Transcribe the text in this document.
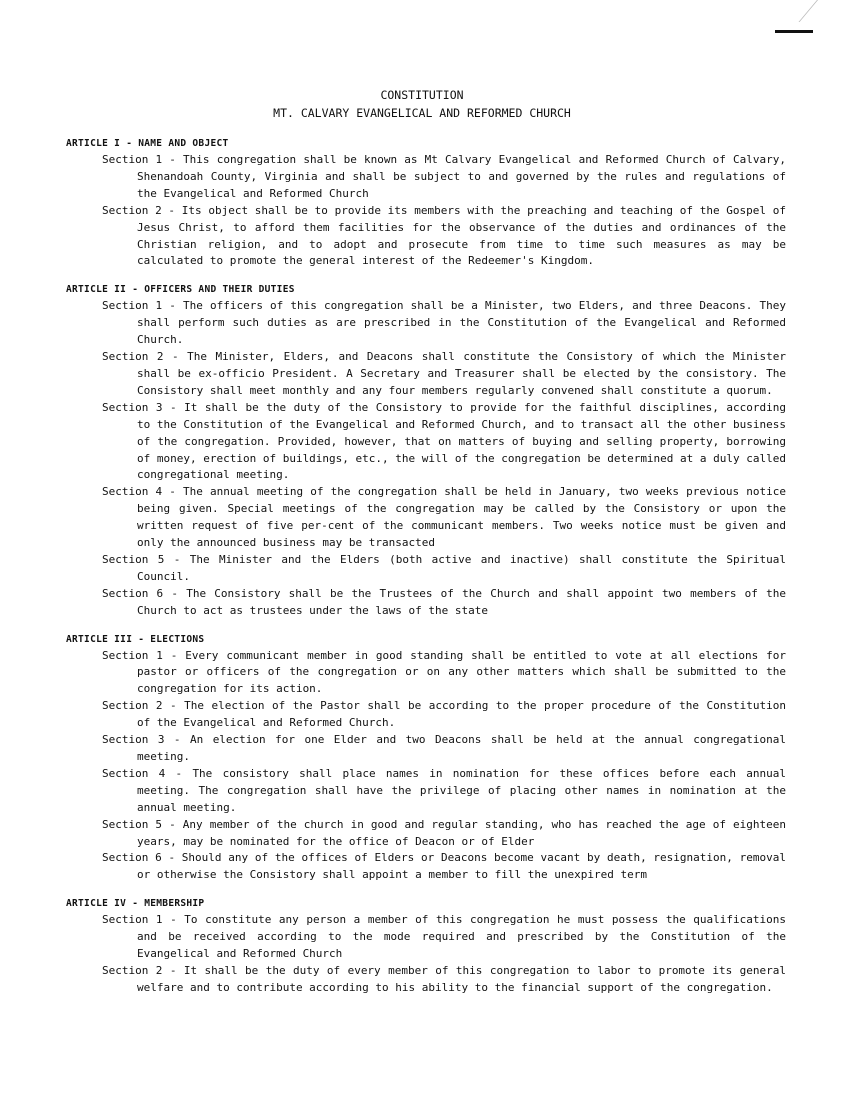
CONSTITUTION
MT. CALVARY EVANGELICAL AND REFORMED CHURCH
ARTICLE I - NAME AND OBJECT
Section 1 - This congregation shall be known as Mt Calvary Evangelical and Reformed Church of Calvary, Shenandoah County, Virginia and shall be subject to and governed by the rules and regulations of the Evangelical and Reformed Church
Section 2 - Its object shall be to provide its members with the preaching and teaching of the Gospel of Jesus Christ, to afford them facilities for the observance of the duties and ordinances of the Christian religion, and to adopt and prosecute from time to time such measures as may be calculated to promote the general interest of the Redeemer's Kingdom.
ARTICLE II - OFFICERS AND THEIR DUTIES
Section 1 - The officers of this congregation shall be a Minister, two Elders, and three Deacons. They shall perform such duties as are prescribed in the Constitution of the Evangelical and Reformed Church.
Section 2 - The Minister, Elders, and Deacons shall constitute the Consistory of which the Minister shall be ex-officio President. A Secretary and Treasurer shall be elected by the consistory. The Consistory shall meet monthly and any four members regularly convened shall constitute a quorum.
Section 3 - It shall be the duty of the Consistory to provide for the faithful disciplines, according to the Constitution of the Evangelical and Reformed Church, and to transact all the other business of the congregation. Provided, however, that on matters of buying and selling property, borrowing of money, erection of buildings, etc., the will of the congregation be determined at a duly called congregational meeting.
Section 4 - The annual meeting of the congregation shall be held in January, two weeks previous notice being given. Special meetings of the congregation may be called by the Consistory or upon the written request of five per-cent of the communicant members. Two weeks notice must be given and only the announced business may be transacted
Section 5 - The Minister and the Elders (both active and inactive) shall constitute the Spiritual Council.
Section 6 - The Consistory shall be the Trustees of the Church and shall appoint two members of the Church to act as trustees under the laws of the state
ARTICLE III - ELECTIONS
Section 1 - Every communicant member in good standing shall be entitled to vote at all elections for pastor or officers of the congregation or on any other matters which shall be submitted to the congregation for its action.
Section 2 - The election of the Pastor shall be according to the proper procedure of the Constitution of the Evangelical and Reformed Church.
Section 3 - An election for one Elder and two Deacons shall be held at the annual congregational meeting.
Section 4 - The consistory shall place names in nomination for these offices before each annual meeting. The congregation shall have the privilege of placing other names in nomination at the annual meeting.
Section 5 - Any member of the church in good and regular standing, who has reached the age of eighteen years, may be nominated for the office of Deacon or of Elder
Section 6 - Should any of the offices of Elders or Deacons become vacant by death, resignation, removal or otherwise the Consistory shall appoint a member to fill the unexpired term
ARTICLE IV - MEMBERSHIP
Section 1 - To constitute any person a member of this congregation he must possess the qualifications and be received according to the mode required and prescribed by the Constitution of the Evangelical and Reformed Church
Section 2 - It shall be the duty of every member of this congregation to labor to promote its general welfare and to contribute according to his ability to the financial support of the congregation.
